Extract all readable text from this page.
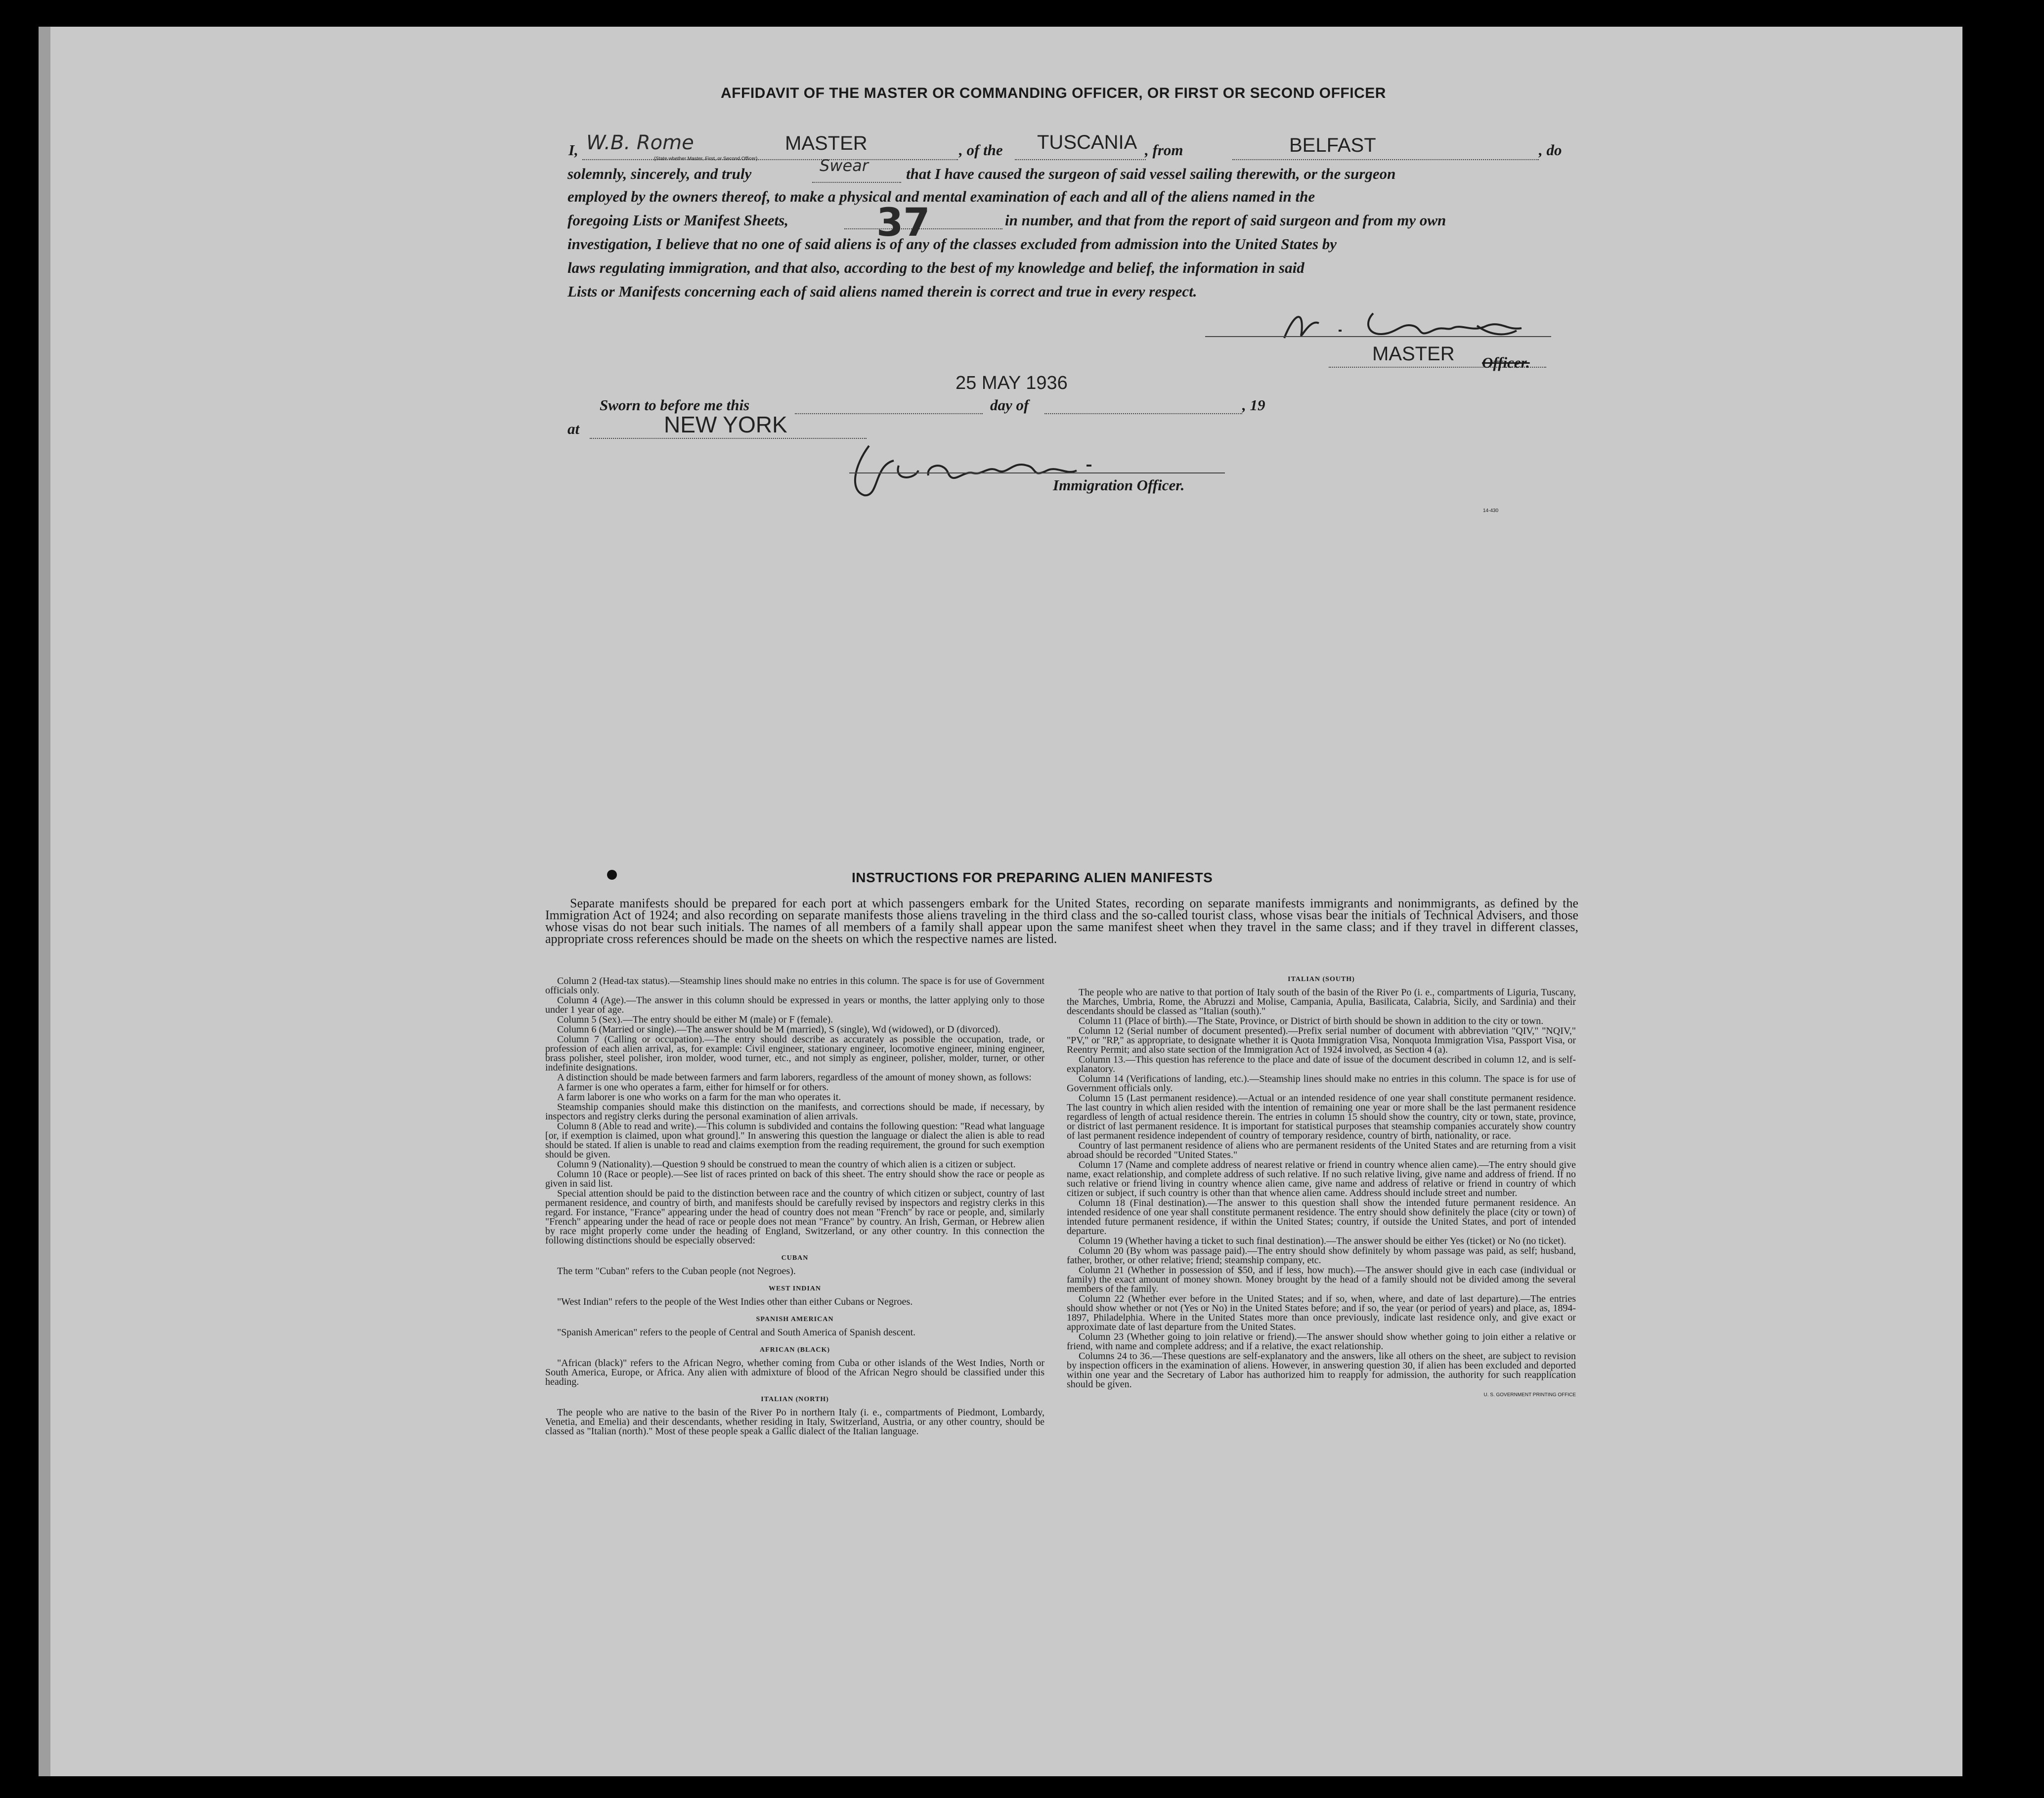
AFFIDAVIT OF THE MASTER OR COMMANDING OFFICER, OR FIRST OR SECOND OFFICER
I, W.B. Rome	MASTER
(State whether Master, First, or Second Officer)
, of the TUSCANIA , from	BELFAST	, do
solemnly, sincerely, and truly	Swear that I have caused the surgeon of said vessel sailing therewith, or the surgeon
employed by the owners thereof, to make a physical and mental examination of each and all of the aliens named in the
foregoing Lists or Manifest Sheets, 37	in number, and that from the report of said surgeon and from my own
investigation, I believe that no one of said aliens is of any of the classes excluded from admission into the United States by
laws regulating immigration, and that also, according to the best of my knowledge and belief, the information in said
Lists or Manifests concerning each of said aliens named therein is correct and true in every respect.
MASTER Officer.
Sworn to before me this
25 MAY 1936
day of	, 19
at	NEW YORK
Immigration Officer.
14-430
INSTRUCTIONS FOR PREPARING ALIEN MANIFESTS
Separate manifests should be prepared for each port at which passengers embark for the United States, recording on separate manifests immigrants and nonimmigrants, as defined by the Immigration Act of 1924; and also recording on separate manifests those aliens traveling in the third class and the so-called tourist class, whose visas bear the initials of Technical Advisers, and those whose visas do not bear such initials. The names of all members of a family shall appear upon the same manifest sheet when they travel in the same class; and if they travel in different classes, appropriate cross references should be made on the sheets on which the respective names are listed.

Column 2 (Head-tax status).—Steamship lines should make no entries in this column. The space is for use of Government officials only.

Column 4 (Age).—The answer in this column should be expressed in years or months, the latter applying only to those under 1 year of age.

Column 5 (Sex).—The entry should be either M (male) or F (female).

Column 6 (Married or single).—The answer should be M (married), S (single), Wd (widowed), or D (divorced).

Column 7 (Calling or occupation).—The entry should describe as accurately as possible the occupation, trade, or profession of each alien arrival, as, for example: Civil engineer, stationary engineer, locomotive engineer, mining engineer, brass polisher, steel polisher, iron molder, wood turner, etc., and not simply as engineer, polisher, molder, turner, or other indefinite designations.

A distinction should be made between farmers and farm laborers, regardless of the amount of money shown, as follows:

A farmer is one who operates a farm, either for himself or for others.

A farm laborer is one who works on a farm for the man who operates it.

Steamship companies should make this distinction on the manifests, and corrections should be made, if necessary, by inspectors and registry clerks during the personal examination of alien arrivals.

Column 8 (Able to read and write).—This column is subdivided and contains the following question: "Read what language [or, if exemption is claimed, upon what ground]." In answering this question the language or dialect the alien is able to read should be stated. If alien is unable to read and claims exemption from the reading requirement, the ground for such exemption should be given.

Column 9 (Nationality).—Question 9 should be construed to mean the country of which alien is a citizen or subject.

Column 10 (Race or people).—See list of races printed on back of this sheet. The entry should show the race or people as given in said list.

Special attention should be paid to the distinction between race and the country of which citizen or subject, country of last permanent residence, and country of birth, and manifests should be carefully revised by inspectors and registry clerks in this regard. For instance, "France" appearing under the head of country does not mean "French" by race or people, and, similarly "French" appearing under the head of race or people does not mean "France" by country. An Irish, German, or Hebrew alien by race might properly come under the heading of England, Switzerland, or any other country. In this connection the following distinctions should be especially observed:

CUBAN

The term "Cuban" refers to the Cuban people (not Negroes).

WEST INDIAN

"West Indian" refers to the people of the West Indies other than either Cubans or Negroes.

SPANISH AMERICAN

"Spanish American" refers to the people of Central and South America of Spanish descent.

AFRICAN (BLACK)

"African (black)" refers to the African Negro, whether coming from Cuba or other islands of the West Indies, North or South America, Europe, or Africa. Any alien with admixture of blood of the African Negro should be classified under this heading.

ITALIAN (NORTH)

The people who are native to the basin of the River Po in northern Italy (i. e., compartments of Piedmont, Lombardy, Venetia, and Emelia) and their descendants, whether residing in Italy, Switzerland, Austria, or any other country, should be classed as "Italian (north)." Most of these people speak a Gallic dialect of the Italian language.

ITALIAN (SOUTH)

The people who are native to that portion of Italy south of the basin of the River Po (i. e., compartments of Liguria, Tuscany, the Marches, Umbria, Rome, the Abruzzi and Molise, Campania, Apulia, Basilicata, Calabria, Sicily, and Sardinia) and their descendants should be classed as "Italian (south)."

Column 11 (Place of birth).—The State, Province, or District of birth should be shown in addition to the city or town.

Column 12 (Serial number of document presented).—Prefix serial number of document with abbreviation "QIV," "NQIV," "PV," or "RP," as appropriate, to designate whether it is Quota Immigration Visa, Nonquota Immigration Visa, Passport Visa, or Reentry Permit; and also state section of the Immigration Act of 1924 involved, as Section 4 (a).

Column 13.—This question has reference to the place and date of issue of the document described in column 12, and is self-explanatory.

Column 14 (Verifications of landing, etc.).—Steamship lines should make no entries in this column. The space is for use of Government officials only.

Column 15 (Last permanent residence).—Actual or an intended residence of one year shall constitute permanent residence. The last country in which alien resided with the intention of remaining one year or more shall be the last permanent residence regardless of length of actual residence therein. The entries in column 15 should show the country, city or town, state, province, or district of last permanent residence. It is important for statistical purposes that steamship companies accurately show country of last permanent residence independent of country of temporary residence, country of birth, nationality, or race.

Country of last permanent residence of aliens who are permanent residents of the United States and are returning from a visit abroad should be recorded "United States."

Column 17 (Name and complete address of nearest relative or friend in country whence alien came).—The entry should give name, exact relationship, and complete address of such relative. If no such relative living, give name and address of friend. If no such relative or friend living in country whence alien came, give name and address of relative or friend in country of which citizen or subject, if such country is other than that whence alien came. Address should include street and number.

Column 18 (Final destination).—The answer to this question shall show the intended future permanent residence. An intended residence of one year shall constitute permanent residence. The entry should show definitely the place (city or town) of intended future permanent residence, if within the United States; country, if outside the United States, and port of intended departure.

Column 19 (Whether having a ticket to such final destination).—The answer should be either Yes (ticket) or No (no ticket).

Column 20 (By whom was passage paid).—The entry should show definitely by whom passage was paid, as self; husband, father, brother, or other relative; friend; steamship company, etc.

Column 21 (Whether in possession of $50, and if less, how much).—The answer should give in each case (individual or family) the exact amount of money shown. Money brought by the head of a family should not be divided among the several members of the family.

Column 22 (Whether ever before in the United States; and if so, when, where, and date of last departure).—The entries should show whether or not (Yes or No) in the United States before; and if so, the year (or period of years) and place, as, 1894-1897, Philadelphia. Where in the United States more than once previously, indicate last residence only, and give exact or approximate date of last departure from the United States.

Column 23 (Whether going to join relative or friend).—The answer should show whether going to join either a relative or friend, with name and complete address; and if a relative, the exact relationship.

Columns 24 to 36.—These questions are self-explanatory and the answers, like all others on the sheet, are subject to revision by inspection officers in the examination of aliens. However, in answering question 30, if alien has been excluded and deported within one year and the Secretary of Labor has authorized him to reapply for admission, the authority for such reapplication should be given.

U. S. GOVERNMENT PRINTING OFFICE
